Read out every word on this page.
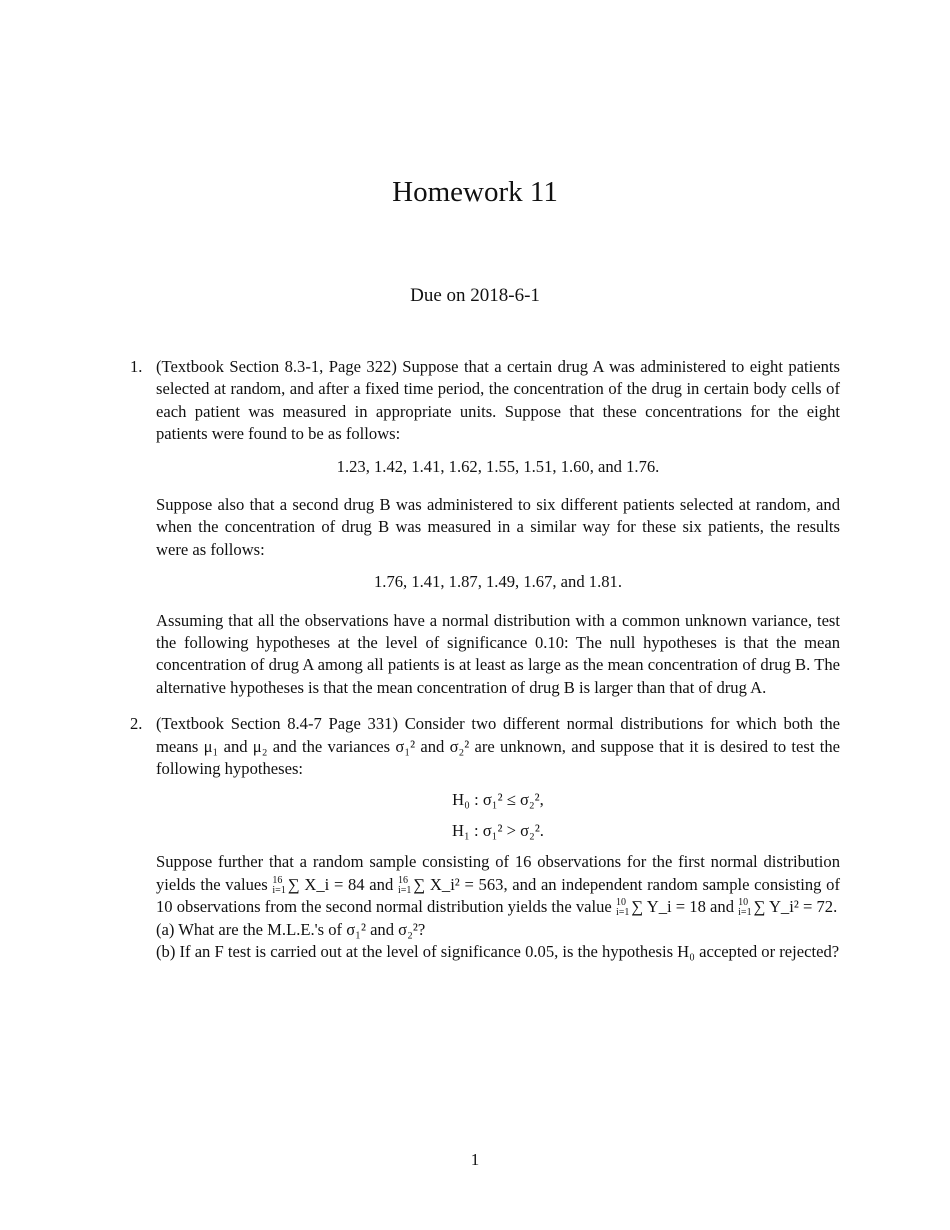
Homework 11
Due on 2018-6-1
1. (Textbook Section 8.3-1, Page 322) Suppose that a certain drug A was administered to eight patients selected at random, and after a fixed time period, the concentration of the drug in certain body cells of each patient was measured in appropriate units. Suppose that these concentrations for the eight patients were found to be as follows:

1.23, 1.42, 1.41, 1.62, 1.55, 1.51, 1.60, and 1.76.

Suppose also that a second drug B was administered to six different patients selected at random, and when the concentration of drug B was measured in a similar way for these six patients, the results were as follows:

1.76, 1.41, 1.87, 1.49, 1.67, and 1.81.

Assuming that all the observations have a normal distribution with a common unknown variance, test the following hypotheses at the level of significance 0.10: The null hypotheses is that the mean concentration of drug A among all patients is at least as large as the mean concentration of drug B. The alternative hypotheses is that the mean concentration of drug B is larger than that of drug A.

2. (Textbook Section 8.4-7 Page 331) Consider two different normal distributions for which both the means μ₁ and μ₂ and the variances σ₁² and σ₂² are unknown, and suppose that it is desired to test the following hypotheses:

H₀ : σ₁² ≤ σ₂²,
H₁ : σ₁² > σ₂².

Suppose further that a random sample consisting of 16 observations for the first normal distribution yields the values 16
i=1 ∑ X_i = 84 and 16
i=1 ∑ X_i² = 563, and an independent random sample consisting of 10 observations from the second normal distribution yields the value 10
i=1 ∑ Y_i = 18 and 10
i=1 ∑ Y_i² = 72.

(a) What are the M.L.E.'s of σ₁² and σ₂²?

(b) If an F test is carried out at the level of significance 0.05, is the hypothesis H₀ accepted or rejected?

1
